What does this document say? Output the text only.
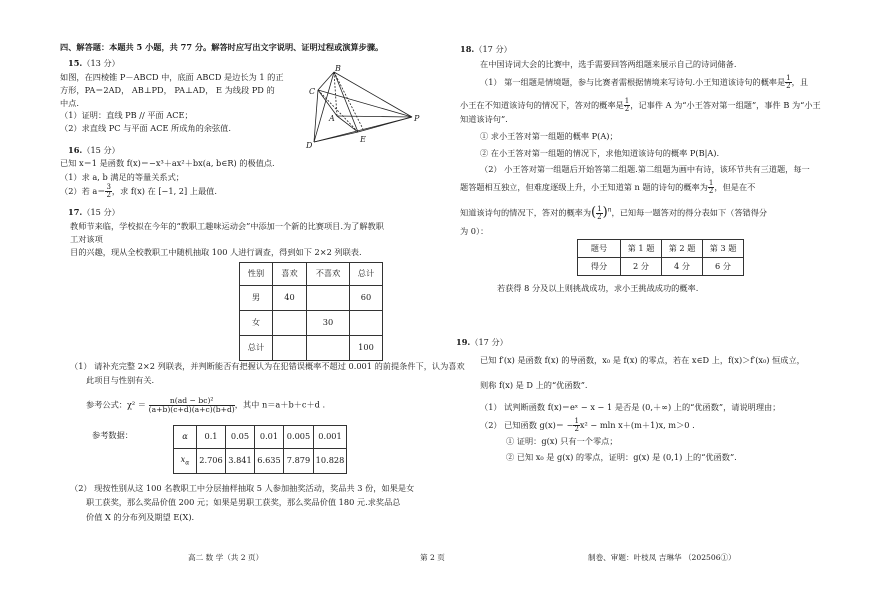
四、解答题：本题共 5 小题，共 77 分。解答时应写出文字说明、证明过程或演算步骤。
15.（13 分）
如图，在四棱锥 P－ABCD 中，底面 ABCD 是边长为 1 的正
方形，PA＝2AD， AB⊥PD， PA⊥AD， E 为线段 PD 的
中点.
（1）证明：直线 PB // 平面 ACE；
（2）求直线 PC 与平面 ACE 所成角的余弦值.
B
C
A
E
P
D
16.（15 分）
已知 x＝1 是函数 f(x)＝−x³＋ax²＋bx(a, b∈R) 的极值点.
（1）求 a, b 满足的等量关系式；
（2）若 $a= \frac{3}{2}$ ，求 f(x) 在 [−1, 2] 上最值.
17.（15 分）
教师节来临，学校拟在今年的“教职工趣味运动会”中添加一个新的比赛项目.为了解教职
工对该项
目的兴趣，现从全校教职工中随机抽取 100 人进行调查，得到如下 2×2 列联表.
性别	喜欢	不喜欢	总计
男	40		60
女		30	
总计			100
（1） 请补充完整 2×2 列联表，并判断能否有把握认为在犯错误概率不超过 0.001 的前提条件下，认为喜欢
此项目与性别有关.
参考公式：$\chi^2 = \frac{\text{n(ad − bc)²}}{(a+b)(c+d)(a+c)(b+d)}$ ，其中 n＝a＋b＋c＋d .
参考数据：	α	0.1	0.05	0.01	0.005	0.001
$x_\alpha$	2.706	3.841	6.635	7.879	10.828
（2） 现按性别从这 100 名教职工中分层抽样抽取 5 人参加抽奖活动，奖品共 3 份，如果是女
职工获奖，那么奖品价值 200 元；如果是男职工获奖，那么奖品价值 180 元.求奖品总
价值 X 的分布列及期望 E(X).
18.（17 分）
在中国诗词大会的比赛中，选手需要回答两组题来展示自己的诗词储备.
（1） 第一组题是情境题，参与比赛者需根据情境来写诗句.小王知道该诗句的概率是 $\frac{1}{2}$ ，且
小王在不知道该诗句的情况下，答对的概率是 $\frac{1}{2}$ ，记事件 A 为“小王答对第一组题”，事件 B 为“小王
知道该诗句”.
① 求小王答对第一组题的概率 P(A)；
② 在小王答对第一组题的情况下，求他知道该诗句的概率 P(B|A).
（2） 小王答对第一组题后开始答第二组题.第二组题为画中有诗，该环节共有三道题，每一
题答题相互独立，但难度逐级上升，小王知道第 n 题的诗句的概率为 $\frac{1}{2}$ ，但是在不
知道该诗句的情况下，答对的概率为( $\frac{1}{2} )^n$，已知每一题答对的得分表如下（答错得分
为 0）：
题号	第 1 题	第 2 题	第 3 题
得分	2 分	4 分	6 分
若获得 8 分及以上则挑战成功，求小王挑战成功的概率.
19.（17 分）
已知 f′(x) 是函数 f(x) 的导函数，x₀ 是 f(x) 的零点，若在 x∈D 上，f(x)＞f′(x₀) 恒成立，
则称 f(x) 是 D 上的“优函数”.
（1） 试判断函数 f(x)＝eˣ − x − 1 是否是 (0,＋∞) 上的“优函数”，请说明理由；
（2） 已知函数 $g(x)= - \frac{1}{2} x^2 - mln$ x＋(m＋1)x, m＞0 .
① 证明：g(x) 只有一个零点；
② 已知 x₀ 是 g(x) 的零点，证明：g(x) 是 (0,1) 上的“优函数”.
高二 数 学（共 2 页）	第 2 页	制卷、审题：叶枝凤 吉琳华 （202506①）
